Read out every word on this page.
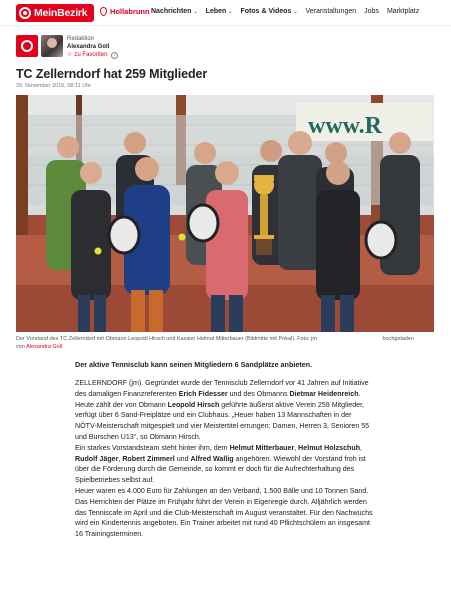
MeinBezirk	Hollabrunn Nachrichten ⌄ Leben ⌄ Fotos & Videos ⌄ Veranstaltungen Jobs Marktplatz
Redaktion
Alexandra Goll
☆ zu Favoriten	i
TC Zellerndorf hat 259 Mitglieder
29. November 2016, 08:11 Uhr
www.R
Der Vorstand des TC Zellerndorf mit Obmann Leopold Hirsch und Kassier Helmut Mitterbauer (Bildmitte mit Pokal). Foto: jm	hochgeladen

von Alexandra Goll
Der aktive Tennisclub kann seinen Mitgliedern 6 Sandplätze anbieten.

ZELLERNDORF (jm). Gegründet wurde der Tennisclub Zellerndorf vor 41 Jahren auf Initiative des damaligen Finanzreferenten Erich Fidesser und des Obmanns Dietmar Heidenreich. Heute zählt der von Obmann Leopold Hirsch geführte äußerst aktive Verein 259 Mitglieder, verfügt über 6 Sand-Freiplätze und ein Clubhaus. „Heuer haben 13 Mannschaften in der NÖTV-Meisterschaft mitgespielt und vier Meistertitel errungen: Damen, Herren 3, Senioren 55 und Burschen U13“, so Obmann Hirsch.

Ein starkes Vorstandsteam steht hinter ihm, dem Helmut Mitterbauer, Helmut Holzschuh, Rudolf Jäger, Robert Zimmerl und Alfred Wallig angehören. Wiewohl der Vorstand froh ist über die Förderung durch die Gemeinde, so kommt er doch für die Aufrechterhaltung des Spielbetriebes selbst auf.

Heuer waren es 4.000 Euro für Zahlungen an den Verband, 1.500 Bälle und 10 Tonnen Sand. Das Herrichten der Plätze im Frühjahr führt der Verein in Eigenregie durch. Alljährlich werden das Tenniscafe im April und die Club-Meisterschaft im August veranstaltet. Für den Nachwuchs wird ein Kindertennis angeboten. Ein Trainer arbeitet mit rund 40 Pflichtschülern an insgesamt 16 Trainingsterminen.
